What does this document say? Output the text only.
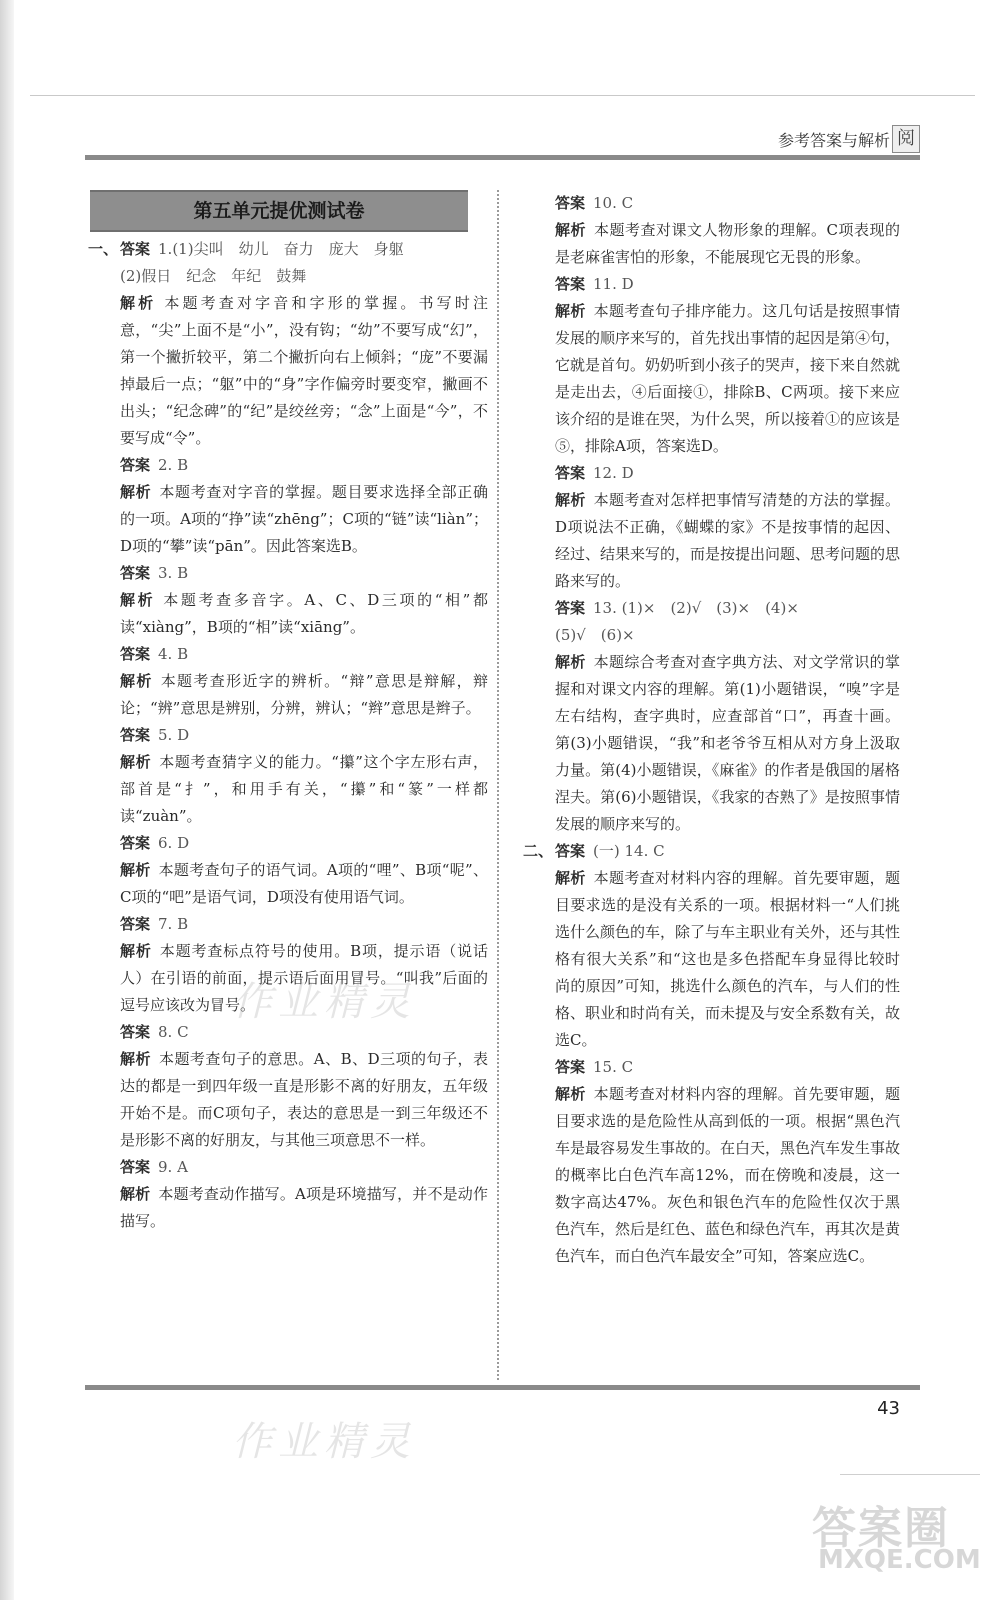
参考答案与解析 阅
第五单元提优测试卷
一、 答案 1.(1)尖叫　幼儿　奋力　庞大　身躯
(2)假日　纪念　年纪　鼓舞
解析 本题考查对字音和字形的掌握。书写时注意，“尖”上面不是“小”，没有钩；“幼”不要写成“幻”，第一个撇折较平，第二个撇折向右上倾斜；“庞”不要漏掉最后一点；“躯”中的“身”字作偏旁时要变窄，撇画不出头；“纪念碑”的“纪”是绞丝旁；“念”上面是“今”，不要写成“令”。
答案 2. B
解析 本题考查对字音的掌握。题目要求选择全部正确的一项。A项的“挣”读“zhēng”；C项的“链”读“liàn”；D项的“攀”读“pān”。因此答案选B。
答案 3. B
解析 本题考查多音字。A、C、D三项的“相”都读“xiàng”，B项的“相”读“xiāng”。
答案 4. B
解析 本题考查形近字的辨析。“辩”意思是辩解，辩论；“辨”意思是辨别，分辨，辨认；“辫”意思是辫子。
答案 5. D
解析 本题考查猜字义的能力。“攥”这个字左形右声，部首是“扌”，和用手有关，“攥”和“篆”一样都读“zuàn”。
答案 6. D
解析 本题考查句子的语气词。A项的“哩”、B项“呢”、C项的“吧”是语气词，D项没有使用语气词。
答案 7. B
解析 本题考查标点符号的使用。B项，提示语（说话人）在引语的前面，提示语后面用冒号。“叫我”后面的逗号应该改为冒号。
答案 8. C
解析 本题考查句子的意思。A、B、D三项的句子，表达的都是一到四年级一直是形影不离的好朋友，五年级开始不是。而C项句子，表达的意思是一到三年级还不是形影不离的好朋友，与其他三项意思不一样。
答案 9. A
解析 本题考查动作描写。A项是环境描写，并不是动作描写。
答案 10. C
解析 本题考查对课文人物形象的理解。C项表现的是老麻雀害怕的形象，不能展现它无畏的形象。
答案 11. D
解析 本题考查句子排序能力。这几句话是按照事情发展的顺序来写的，首先找出事情的起因是第④句，它就是首句。奶奶听到小孩子的哭声，接下来自然就是走出去，④后面接①，排除B、C两项。接下来应该介绍的是谁在哭，为什么哭，所以接着①的应该是⑤，排除A项，答案选D。
答案 12. D
解析 本题考查对怎样把事情写清楚的方法的掌握。D项说法不正确，《蝴蝶的家》不是按事情的起因、经过、结果来写的，而是按提出问题、思考问题的思路来写的。
答案 13. (1)×　(2)√　(3)×　(4)×
(5)√　(6)×
解析 本题综合考查对查字典方法、对文学常识的掌握和对课文内容的理解。第(1)小题错误，“嗅”字是左右结构，查字典时，应查部首“口”，再查十画。第(3)小题错误，“我”和老爷爷互相从对方身上汲取力量。第(4)小题错误，《麻雀》的作者是俄国的屠格涅夫。第(6)小题错误，《我家的杏熟了》是按照事情发展的顺序来写的。
二、 答案 (一) 14. C
解析 本题考查对材料内容的理解。首先要审题，题目要求选的是没有关系的一项。根据材料一“人们挑选什么颜色的车，除了与车主职业有关外，还与其性格有很大关系”和“这也是多色搭配车身显得比较时尚的原因”可知，挑选什么颜色的汽车，与人们的性格、职业和时尚有关，而未提及与安全系数有关，故选C。
答案 15. C
解析 本题考查对材料内容的理解。首先要审题，题目要求选的是危险性从高到低的一项。根据“黑色汽车是最容易发生事故的。在白天，黑色汽车发生事故的概率比白色汽车高12%，而在傍晚和凌晨，这一数字高达47%。灰色和银色汽车的危险性仅次于黑色汽车，然后是红色、蓝色和绿色汽车，再其次是黄色汽车，而白色汽车最安全”可知，答案应选C。
43
作业精灵
作业精灵
答案圈
MXQE.COM
